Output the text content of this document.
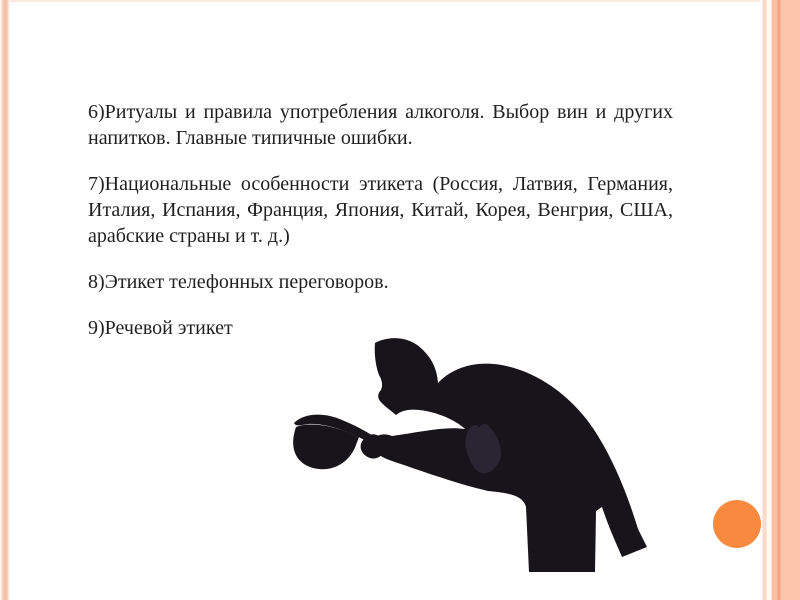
6)Ритуалы и правила употребления алкоголя. Выбор вин и других
напитков. Главные типичные ошибки.

7)Национальные особенности этикета (Россия, Латвия, Германия,
Италия, Испания, Франция, Япония, Китай, Корея, Венгрия, США,
арабские страны и т. д.)

8)Этикет телефонных переговоров.

9)Речевой этикет
